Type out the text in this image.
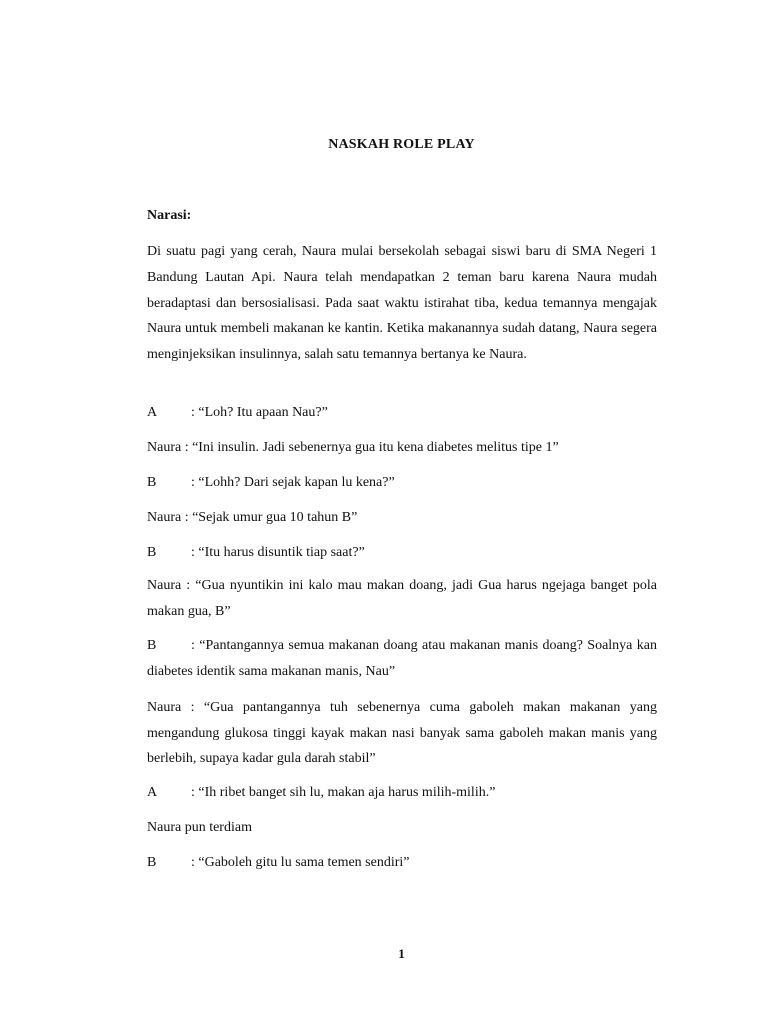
NASKAH ROLE PLAY
Narasi:

Di suatu pagi yang cerah, Naura mulai bersekolah sebagai siswi baru di SMA Negeri 1 Bandung Lautan Api. Naura telah mendapatkan 2 teman baru karena Naura mudah beradaptasi dan bersosialisasi. Pada saat waktu istirahat tiba, kedua temannya mengajak Naura untuk membeli makanan ke kantin. Ketika makanannya sudah datang, Naura segera menginjeksikan insulinnya, salah satu temannya bertanya ke Naura.

A : “Loh? Itu apaan Nau?”

Naura : “Ini insulin. Jadi sebenernya gua itu kena diabetes melitus tipe 1”

B : “Lohh? Dari sejak kapan lu kena?”

Naura : “Sejak umur gua 10 tahun B”

B : “Itu harus disuntik tiap saat?”

Naura : “Gua nyuntikin ini kalo mau makan doang, jadi Gua harus ngejaga banget pola makan gua, B”

B : “Pantangannya semua makanan doang atau makanan manis doang? Soalnya kan diabetes identik sama makanan manis, Nau”

Naura : “Gua pantangannya tuh sebenernya cuma gaboleh makan makanan yang mengandung glukosa tinggi kayak makan nasi banyak sama gaboleh makan manis yang berlebih, supaya kadar gula darah stabil”

A : “Ih ribet banget sih lu, makan aja harus milih-milih.”

Naura pun terdiam

B : “Gaboleh gitu lu sama temen sendiri”

1
